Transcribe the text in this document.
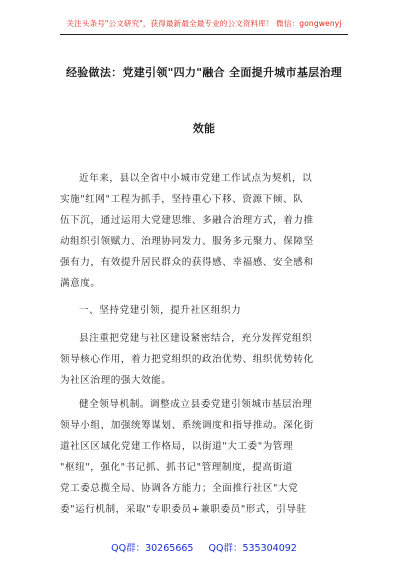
关注头条号"公文研究"，获得最新最全最专业的公文资料库！ 微信：gongwenyj
经验做法：党建引领"四力"融合 全面提升城市基层治理
效能
近年来，县以全省中小城市党建工作试点为契机，以
实施"红网"工程为抓手，坚持重心下移、资源下倾、队
伍下沉，通过运用大党建思维、多融合治理方式，着力推
动组织引领赋力、治理协同发力、服务多元聚力、保障坚
强有力，有效提升居民群众的获得感、幸福感、安全感和
满意度。
一、坚持党建引领，提升社区组织力
县注重把党建与社区建设紧密结合，充分发挥党组织
领导核心作用，着力把党组织的政治优势、组织优势转化
为社区治理的强大效能。
健全领导机制。调整成立县委党建引领城市基层治理
领导小组，加强统筹谋划、系统调度和指导推动。深化街
道社区区域化党建工作格局，以街道"大工委"为管理
"枢纽"，强化"书记抓、抓书记"管理制度，提高街道
党工委总揽全局、协调各方能力；全面推行社区"大党
委"运行机制，采取"专职委员+兼职委员"形式，引导驻
QQ群：30265665 QQ群：535304092
